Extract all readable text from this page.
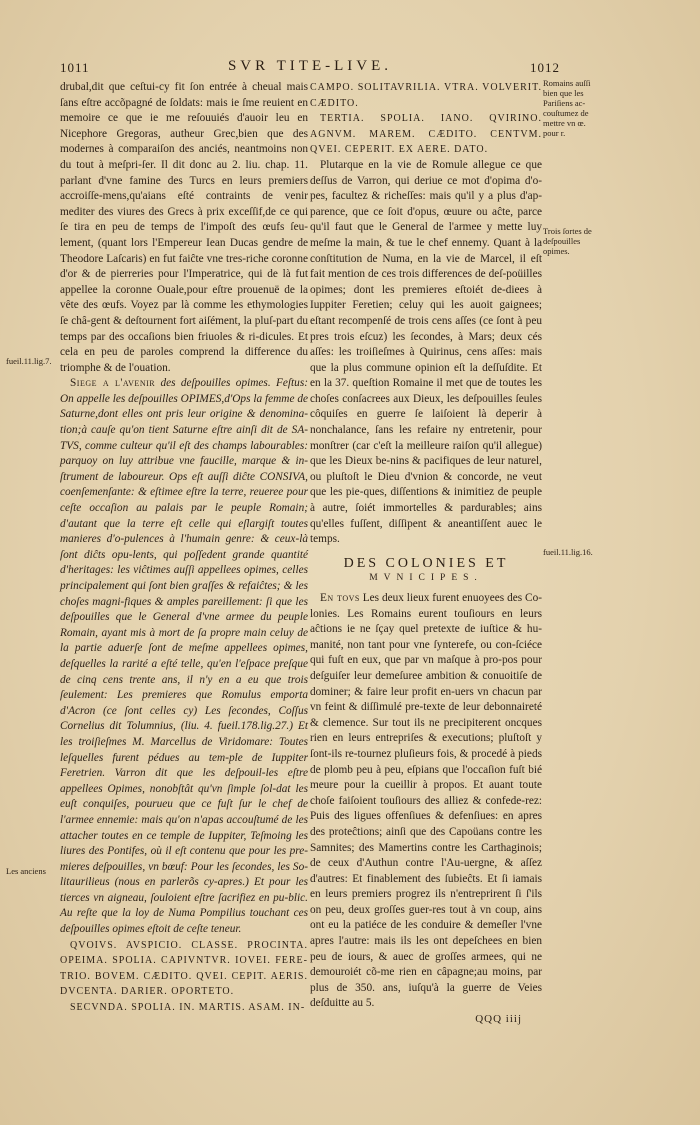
1011	SVR TITE-LIVE.	1012

drubal,dit que ceſtui-cy fit ſon entrée à cheual mais ſans eſtre accõpagné de ſoldats: mais ie ſme reuient en memoire ce que ie me reſouuiés d'auoir leu en Nicephore Gregoras, autheur Grec,bien que des modernes à comparaiſon des anciés, neantmoins non du tout à meſpri-ſer. Il dit donc au 2. liu. chap. 11. parlant d'vne famine des Turcs en leurs premiers accroiſſe-mens,qu'aians eſté contraints de venir mediter des viures des Grecs à prix exceſſif,de ce qui ſe tira en peu de temps de l'impoſt des œufs ſeu-lement, (quant lors l'Empereur Iean Ducas gendre de Theodore Laſcaris) en fut faiĉte vne tres-riche coronne d'or & de pierreries pour l'Imperatrice, qui de là fut appellee la coronne Ouale,pour eſtre prouenuë de la vête des œufs. Voyez par là comme les ethymologies ſe châ-gent & deſtournent fort aiſément, la pluſ-part du temps par des occaſions bien friuoles & ri-dicules. Et cela en peu de paroles comprend la difference du triomphe & de l'ouation.

Siege a l'avenir des deſpouilles opimes. Feſtus: On appelle les deſpouilles OPIMES,d'Ops la femme de Saturne,dont elles ont pris leur origine & denomina-tion;à cauſe qu'on tient Saturne eſtre ainſi dit de SA-TVS, comme culteur qu'il eſt des champs labourables: parquoy on luy attribue vne faucille, marque & in-ſtrument de laboureur. Ops eſt auſſi diĉte CONSIVA, coenſemenſante: & eſtimee eſtre la terre, reueree pour ceſte occaſion au palais par le peuple Romain; d'autant que la terre eſt celle qui eſlargiſt toutes manieres d'o-pulences à l'humain genre: & ceux-là ſont diĉts opu-lents, qui poſſedent grande quantité d'heritages: les viĉtimes auſſi appellees opimes, celles principalement qui ſont bien graſſes & refaiĉtes; & les choſes magni-fiques & amples pareillement: ſi que les deſpouilles que le General d'vne armee du peuple Romain, ayant mis à mort de ſa propre main celuy de la partie aduerſe ſont de meſme appellees opimes, deſquelles la rarité a eſté telle, qu'en l'eſpace preſque de cinq cens trente ans, il n'y en a eu que trois ſeulement: Les premieres que Romulus emporta d'Acron (ce ſont celles cy) Les ſecondes, Coſſus Cornelius dit Tolumnius, (liu. 4. fueil.178.lig.27.) Et les troiſieſmes M. Marcellus de Viridomare: Toutes leſquelles furent pédues au tem-ple de Iuppiter Feretrien. Varron dit que les deſpouil-les eſtre appellees Opimes, nonobſtât qu'vn ſimple ſol-dat les euſt conquiſes, pourueu que ce fuſt ſur le chef de l'armee ennemie: mais qu'on n'apas accouſtumé de les attacher toutes en ce temple de Iuppiter, Teſmoing les liures des Pontifes, où il eſt contenu que pour les pre-mieres deſpouilles, vn bœuf: Pour les ſecondes, les So-litaurilieus (nous en parlerõs cy-apres.) Et pour les tierces vn aigneau, ſouloient eſtre ſacrifiez en pu-blic. Au reſte que la loy de Numa Pompilius touchant ces deſpouilles opimes eſtoit de ceſte teneur.

QVOIVS. AVSPICIO. CLASSE. PROCINTA. OPEIMA. SPOLIA. CAPIVNTVR. IOVEI. FERE-TRIO. BOVEM. CÆDITO. QVEI. CEPIT. AERIS. DVCENTA. DARIER. OPORTETO.

SECVNDA. SPOLIA. IN. MARTIS. ASAM. IN-

CAMPO. SOLITAVRILIA. VTRA. VOLVERIT. CÆDITO.

TERTIA. SPOLIA. IANO. QVIRINO. AGNVM. MAREM. CÆDITO. CENTVM. QVEI. CEPERIT. EX AERE. DATO.

Plutarque en la vie de Romule allegue ce que deſſus de Varron, qui deriue ce mot d'opima d'o-pes, facultez & richeſſes: mais qu'il y a plus d'ap-parence, que ce ſoit d'opus, œuure ou aĉte, parce qu'il faut que le General de l'armee y mette luy meſme la main, & tue le chef ennemy. Quant à la conſtitution de Numa, en la vie de Marcel, il eſt fait mention de ces trois differences de deſ-poüilles opimes; dont les premieres eſtoiét de-diees à Iuppiter Feretien; celuy qui les auoit gaignees; eſtant recompenſé de trois cens aſſes (ce ſont à peu pres trois eſcuz) les ſecondes, à Mars; deux cés aſſes: les troiſieſmes à Quirinus, cens aſſes: mais que la plus commune opinion eſt la deſſuſdite. Et en la 37. queſtion Romaine il met que de toutes les choſes conſacrees aux Dieux, les deſpouilles ſeules côquiſes en guerre ſe laiſoient là deperir à nonchalance, ſans les refaire ny entretenir, pour monſtrer (car c'eſt la meilleure raiſon qu'il allegue) que les Dieux be-nins & pacifiques de leur naturel, ou pluſtoſt le Dieu d'vnion & concorde, ne veut que les pie-ques, diſſentions & inimitiez de peuple à autre, ſoiét immortelles & pardurables; ains qu'elles fuſſent, diſſipent & aneantiſſent auec le temps.

DES COLONIES ET
MVNICIPES.

En tovs Les deux lieux furent enuoyees des Co-lonies. Les Romains eurent touſiours en leurs aĉtions ie ne ſçay quel pretexte de iuſtice & hu-manité, non tant pour vne ſynterefe, ou con-ſciéce qui fuſt en eux, que par vn maſque à pro-pos pour deſguiſer leur demeſuree ambition & conuoitiſe de dominer; & faire leur profit en-uers vn chacun par vn feint & diſſimulé pre-texte de leur debonnaireté & clemence. Sur tout ils ne precipiterent oncques rien en leurs entrepriſes & executions; pluſtoſt y ſont-ils re-tournez pluſieurs fois, & procedé à pieds de plomb peu à peu, eſpians que l'occaſion fuſt bié meure pour la cueillir à propos. Et auant toute choſe faiſoient touſiours des alliez & confede-rez: Puis des ligues offenſiues & defenſiues: en apres des proteĉtions; ainſi que des Capoüans contre les Samnites; des Mamertins contre les Carthaginois; de ceux d'Authun contre l'Au-uergne, & aſſez d'autres: Et finablement des ſubieĉts. Et ſi iamais en leurs premiers progrez ils n'entreprirent ſi ſ'ils on peu, deux groſſes guer-res tout à vn coup, ains ont eu la patiéce de les conduire & demeſler l'vne apres l'autre: mais ils les ont depeſchees en bien peu de iours, & auec de groſſes armees, qui ne demouroiét cõ-me rien en câpagne;au moins, par plus de 350. ans, iuſqu'à la guerre de Veies deſduitte au 5.

QQQ iiij
fueil.11.lig.7.
Les anciens
Romains auſſi bien que les Pariſiens ac-couſtumez de mettre vn œ. pour r.
Trois ſortes de deſpouilles opimes.
fueil.11.lig.16.
